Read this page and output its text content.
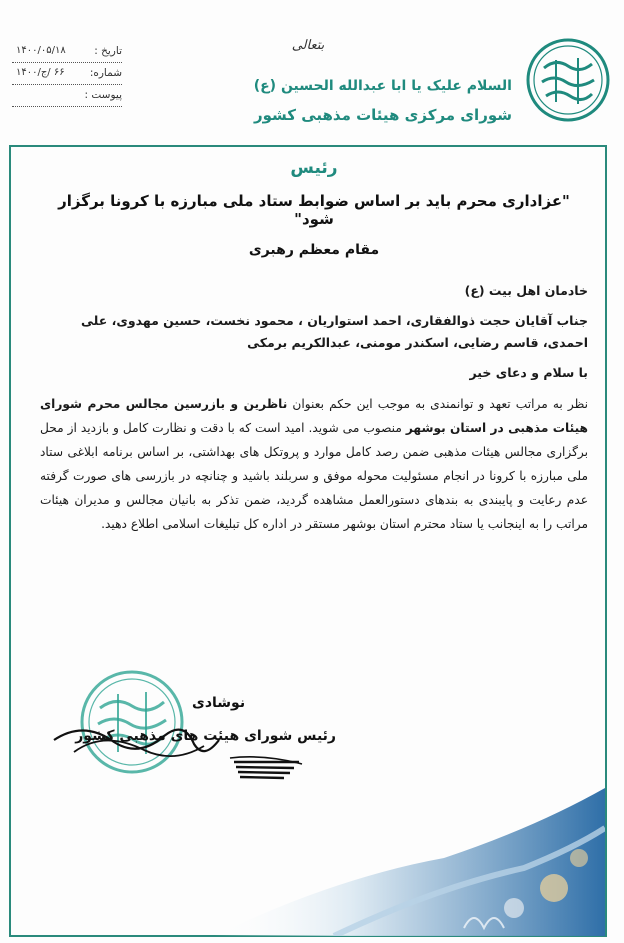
بتعالی
السلام علیک یا ابا عبدالله الحسین (ع)
شورای مرکزی هیئات مذهبی کشور
تاریخ :
۱۴۰۰/۰۵/۱۸
شماره:
۶۶ /ج/۱۴۰۰
پیوست :
رئیس
"عزاداری محرم باید بر اساس ضوابط ستاد ملی مبارزه با کرونا برگزار شود"
مقام معظم رهبری
خادمان اهل بیت (ع)
جناب آقایان حجت ذوالفقاری، احمد استواریان ، محمود نخست، حسین مهدوی، علی احمدی، قاسم رضایی، اسکندر مومنی، عبدالکریم برمکی
با سلام و دعای خیر

نظر به مراتب تعهد و توانمندی به موجب این حکم بعنوان ناظرین و بازرسین مجالس محرم شورای هیئات مذهبی در استان بوشهر منصوب می شوید. امید است که با دقت و نظارت کامل و بازدید از محل برگزاری مجالس هیئات مذهبی ضمن رصد کامل موارد و پروتکل های بهداشتی، بر اساس برنامه ابلاغی ستاد ملی مبارزه با کرونا در انجام مسئولیت محوله موفق و سربلند باشید و چنانچه در بازرسی های صورت گرفته عدم رعایت و پایبندی به بندهای دستورالعمل مشاهده گردید، ضمن تذکر به بانیان مجالس و مدیران هیئات مراتب را به اینجانب یا ستاد محترم استان بوشهر مستقر در اداره کل تبلیغات اسلامی اطلاع دهید.

نوشادی
رئیس شورای هیئت های مذهبی کشور
